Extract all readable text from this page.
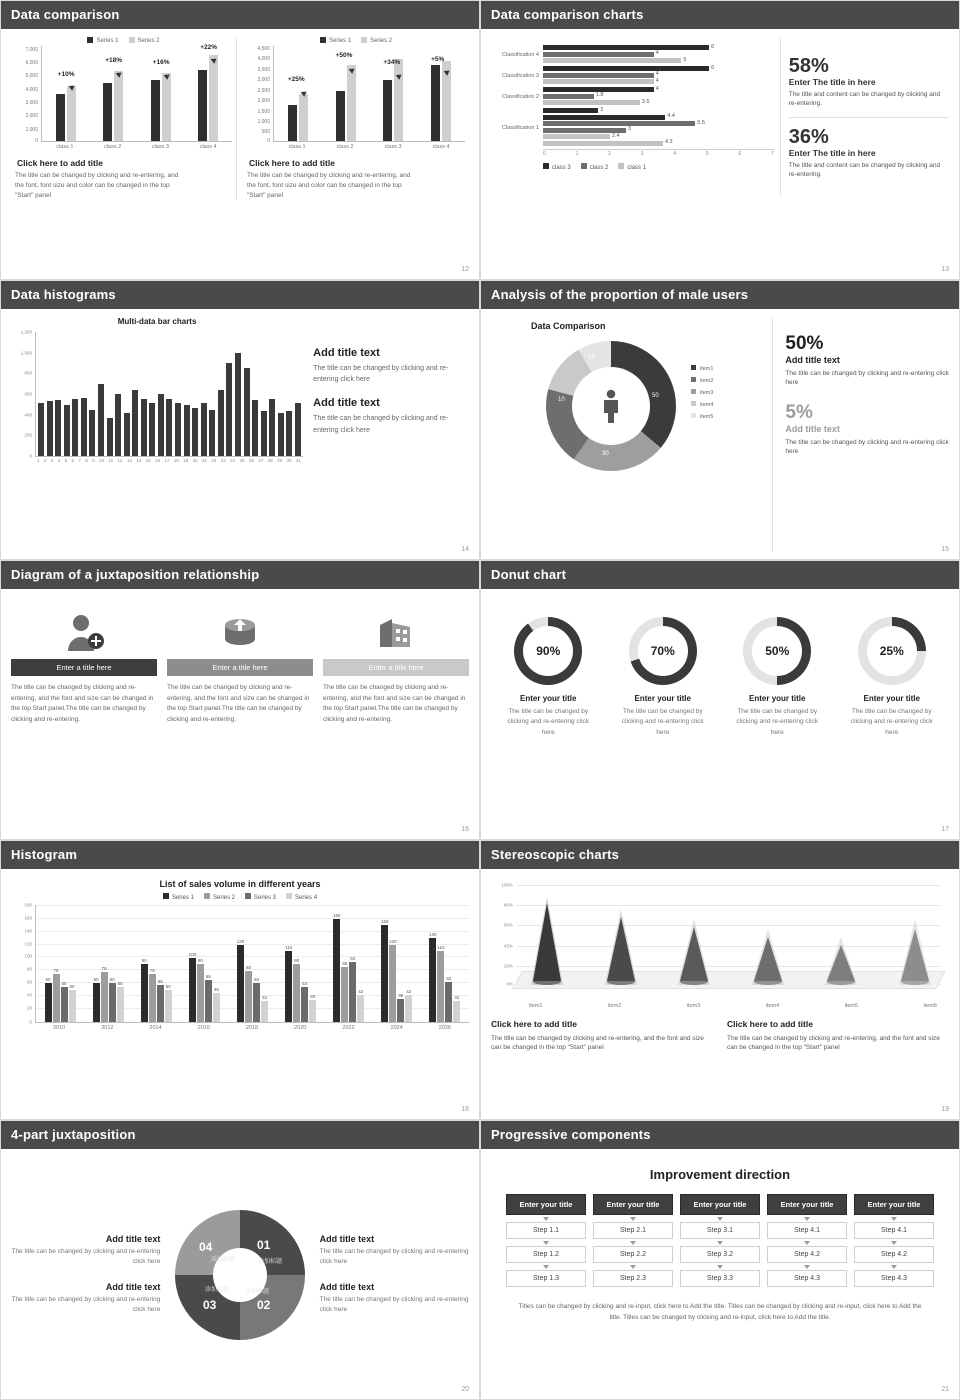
Data comparison
Series 1	Series 2
7,000
6,000
5,000
4,000
3,000
2,000
1,000
0
+10%
+18%	+16%
+22%
class 1	class 2	class 3	class 4
Click here to add title
The title can be changed by clicking and re-entering, and the font, font size and color can be changed in the top "Start" panel
Series 1	Series 2
4,500
4,000
3,500
3,000
2,500
2,000
1,500
1,000
500
0
+25%
+50%
+34%
+5%
class 1	class 2	class 3	class 4
Click here to add title
The title can be changed by clicking and re-entering, and the font, font size and color can be changed in the top "Start" panel
12
Data comparison charts
Classification 4
6
4
5
Classification 3
6
4
4
Classification 2
4
1.8
3.5
Classification 1
2
4.4
5.5
3
2.4
4.3
0	1	2	3	4	5	6	7
class 3	class 2	class 1
58%
Enter The title in here
The title and content can be changed by clicking and re-entering.
36%
Enter The title in here
The title and content can be changed by clicking and re-entering.
13
Data histograms
Multi-data bar charts
1,200
1,000
800
600
400
200
0
1 2 3 4 5 6 7 8 9 10 11 12 13 14 15 16 17 18 19 20 21 22 23 24 25 26 27 28 29 30 31
Add title text
The title can be changed by clicking and re-entering click here
Add title text
The title can be changed by clicking and re-entering click here
14
Analysis of the proportion of male users
Data Comparison
15
10
30
50
item1
item2
item3
item4
item5
50%
Add title text
The title can be changed by clicking and re-entering click here
5%
Add title text
The title can be changed by clicking and re-entering click here
15
Diagram of a juxtaposition relationship
Enter a title here
The title can be changed by clicking and re-entering, and the font and size can be changed in the top Start panel.The title can be changed by clicking and re-entering.
Enter a title here
The title can be changed by clicking and re-entering, and the font and size can be changed in the top Start panel.The title can be changed by clicking and re-entering.
Enter a title here
The title can be changed by clicking and re-entering, and the font and size can be changed in the top Start panel.The title can be changed by clicking and re-entering.
16
Donut chart
90%
Enter your title
The title can be changed by clicking and re-entering click here
70%
Enter your title
The title can be changed by clicking and re-entering click here
50%
Enter your title
The title can be changed by clicking and re-entering click here
25%
Enter your title
The title can be changed by clicking and re-entering click here
17
Histogram
List of sales volume in different years
Series 1	Series 2	Series 3	Series 4
180
160
140
120
100
80
60
40
20
0
60
75
55
50
60
78
60
55
90
75
58
50
100
90
65
46
120
80
60
32
110
90
54
35
160
85
93
42
150
120
36
42
130
110
62
32
2010	2012	2014	2016	2018	2020	2022	2024	2026
18
Stereoscopic charts
100%
80%
60%
40%
20%
0%
item1	item2	item3	item4	item5	item6
Click here to add title
The title can be changed by clicking and re-entering, and the font and size can be changed in the top "Start" panel
Click here to add title
The title can be changed by clicking and re-entering, and the font and size can be changed in the top "Start" panel
19
4-part juxtaposition
Add title text
The title can be changed by clicking and re-entering click here
Add title text
The title can be changed by clicking and re-entering click here
01
添加标题
02
添加标题
03
添加标题
04
添加标题
Add title text
The title can be changed by clicking and re-entering click here
Add title text
The title can be changed by clicking and re-entering click here
20
Progressive components
Improvement direction
Enter your title
Step 1.1
Step 1.2
Step 1.3
Enter your title
Step 2.1
Step 2.2
Step 2.3
Enter your title
Step 3.1
Step 3.2
Step 3.3
Enter your title
Step 4.1
Step 4.2
Step 4.3
Enter your title
Step 4.1
Step 4.2
Step 4.3
Titles can be changed by clicking and re-input, click here to Add the title. Titles can be changed by clicking and re-input, click here to Add the title. Titles can be changed by clicking and re-input, click here to Add the title.
21
